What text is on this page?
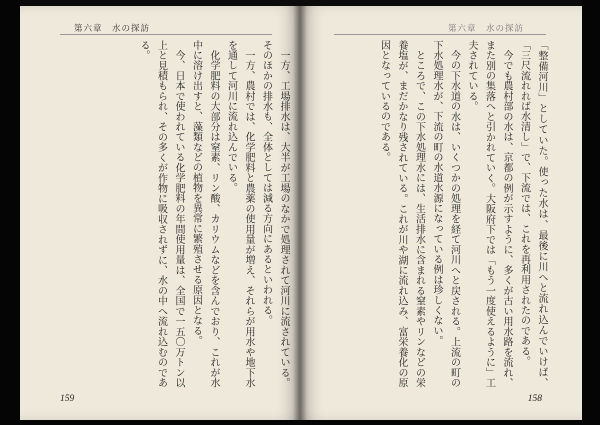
第六章　水の探訪

一方、工場排水は、大半が工場のなかで処理されて河川に流されている。そのほかの排水も、全体としては減る方向にあるといわれる。

一方、農村では、化学肥料と農薬の使用量が増え、それらが用水や地下水を通して河川に流れ込んでいる。

化学肥料の大部分は窒素、リン酸、カリウムなどを含んでおり、これが水中に溶け出すと、藻類などの植物を異常に繁殖させる原因となる。

今、日本で使われている化学肥料の年間使用量は、全国で一五〇万トン以上と見積もられ、その多くが作物に吸収されずに、水の中へ流れ込むのである。

159
第六章　水の探訪

「整備河川」としていた。使った水は、最後に川へと流れ込んでいけば、「三尺流れれば水清し」で、下流では、これを再利用されたのである。

今でも農村部の水は、京都の例が示すように、多くが古い用水路を流れ、また別の集落へと引かれていく。大阪府下では「もう一度使えるように」工夫されている。

今の下水道の水は、いくつかの処理を経て河川へと戻される。上流の町の下水処理水が、下流の町の水道水源になっている例は珍しくない。

ところで、この下水処理水には、生活排水に含まれる窒素やリンなどの栄養塩が、まだかなり残されている。これが川や湖に流れ込み、富栄養化の原因となっているのである。

158
